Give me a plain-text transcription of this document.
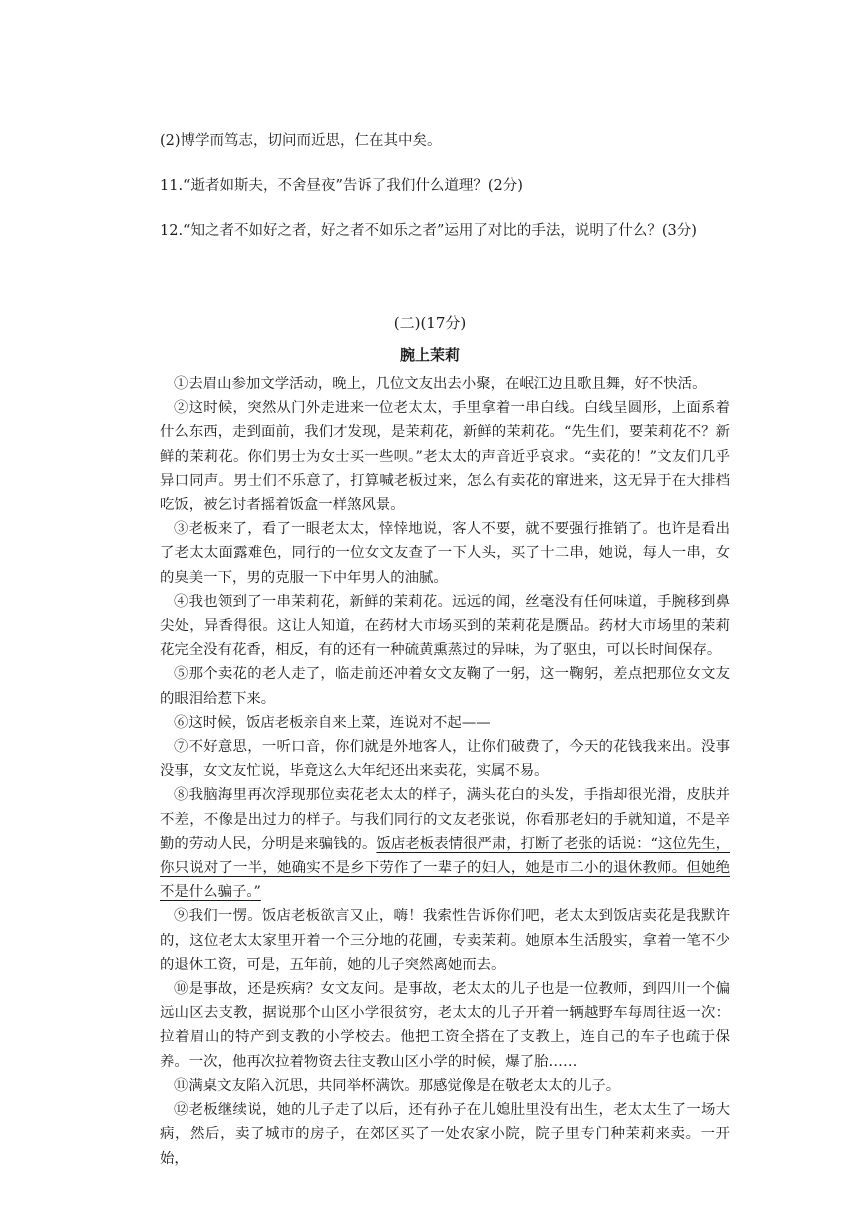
(2)博学而笃志，切问而近思，仁在其中矣。
11.“逝者如斯夫，不舍昼夜”告诉了我们什么道理？(2分)
12.“知之者不如好之者，好之者不如乐之者”运用了对比的手法，说明了什么？(3分)
(二)(17分)
腕上茉莉

①去眉山参加文学活动，晚上，几位文友出去小聚，在岷江边且歌且舞，好不快活。

②这时候，突然从门外走进来一位老太太，手里拿着一串白线。白线呈圆形，上面系着什么东西，走到面前，我们才发现，是茉莉花，新鲜的茉莉花。“先生们，要茉莉花不？新鲜的茉莉花。你们男士为女士买一些呗。”老太太的声音近乎哀求。“卖花的！”文友们几乎异口同声。男士们不乐意了，打算喊老板过来，怎么有卖花的窜进来，这无异于在大排档吃饭，被乞讨者摇着饭盒一样煞风景。

③老板来了，看了一眼老太太，悻悻地说，客人不要，就不要强行推销了。也许是看出了老太太面露难色，同行的一位女文友查了一下人头，买了十二串，她说，每人一串，女的臭美一下，男的克服一下中年男人的油腻。

④我也领到了一串茉莉花，新鲜的茉莉花。远远的闻，丝毫没有任何味道，手腕移到鼻尖处，异香得很。这让人知道，在药材大市场买到的茉莉花是赝品。药材大市场里的茉莉花完全没有花香，相反，有的还有一种硫黄熏蒸过的异味，为了驱虫，可以长时间保存。

⑤那个卖花的老人走了，临走前还冲着女文友鞠了一躬，这一鞠躬，差点把那位女文友的眼泪给惹下来。

⑥这时候，饭店老板亲自来上菜，连说对不起——

⑦不好意思，一听口音，你们就是外地客人，让你们破费了，今天的花钱我来出。没事没事，女文友忙说，毕竟这么大年纪还出来卖花，实属不易。

⑧我脑海里再次浮现那位卖花老太太的样子，满头花白的头发，手指却很光滑，皮肤并不差，不像是出过力的样子。与我们同行的文友老张说，你看那老妇的手就知道，不是辛勤的劳动人民，分明是来骗钱的。饭店老板表情很严肃，打断了老张的话说：“这位先生，你只说对了一半，她确实不是乡下劳作了一辈子的妇人，她是市二小的退休教师。但她绝不是什么骗子。”

⑨我们一愣。饭店老板欲言又止，嗨！我索性告诉你们吧，老太太到饭店卖花是我默许的，这位老太太家里开着一个三分地的花圃，专卖茉莉。她原本生活殷实，拿着一笔不少的退休工资，可是，五年前，她的儿子突然离她而去。

⑩是事故，还是疾病？女文友问。是事故，老太太的儿子也是一位教师，到四川一个偏远山区去支教，据说那个山区小学很贫穷，老太太的儿子开着一辆越野车每周往返一次：拉着眉山的特产到支教的小学校去。他把工资全搭在了支教上，连自己的车子也疏于保养。一次，他再次拉着物资去往支教山区小学的时候，爆了胎……

⑪满桌文友陷入沉思，共同举杯满饮。那感觉像是在敬老太太的儿子。

⑫老板继续说，她的儿子走了以后，还有孙子在儿媳肚里没有出生，老太太生了一场大病，然后，卖了城市的房子，在郊区买了一处农家小院，院子里专门种茉莉来卖。一开始，
